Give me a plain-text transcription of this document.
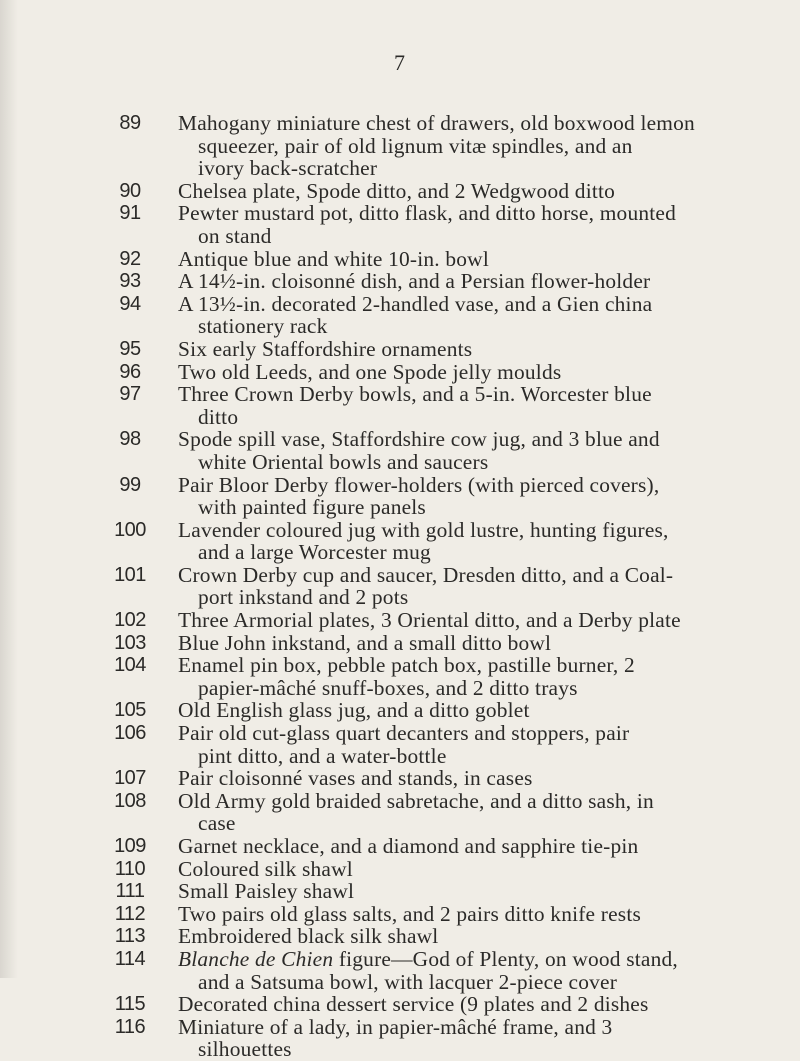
7
89	Mahogany miniature chest of drawers, old boxwood lemon
squeezer, pair of old lignum vitæ spindles, and an
ivory back-scratcher
90	Chelsea plate, Spode ditto, and 2 Wedgwood ditto
91	Pewter mustard pot, ditto flask, and ditto horse, mounted
on stand
92	Antique blue and white 10-in. bowl
93	A 14½-in. cloisonné dish, and a Persian flower-holder
94	A 13½-in. decorated 2-handled vase, and a Gien china
stationery rack
95	Six early Staffordshire ornaments
96	Two old Leeds, and one Spode jelly moulds
97	Three Crown Derby bowls, and a 5-in. Worcester blue
ditto
98	Spode spill vase, Staffordshire cow jug, and 3 blue and
white Oriental bowls and saucers
99	Pair Bloor Derby flower-holders (with pierced covers),
with painted figure panels
100	Lavender coloured jug with gold lustre, hunting figures,
and a large Worcester mug
101	Crown Derby cup and saucer, Dresden ditto, and a Coal-
port inkstand and 2 pots
102	Three Armorial plates, 3 Oriental ditto, and a Derby plate
103	Blue John inkstand, and a small ditto bowl
104	Enamel pin box, pebble patch box, pastille burner, 2
papier-mâché snuff-boxes, and 2 ditto trays
105	Old English glass jug, and a ditto goblet
106	Pair old cut-glass quart decanters and stoppers, pair
pint ditto, and a water-bottle
107	Pair cloisonné vases and stands, in cases
108	Old Army gold braided sabretache, and a ditto sash, in
case
109	Garnet necklace, and a diamond and sapphire tie-pin
110	Coloured silk shawl
111	Small Paisley shawl
112	Two pairs old glass salts, and 2 pairs ditto knife rests
113	Embroidered black silk shawl
114	Blanche de Chien figure—God of Plenty, on wood stand,
and a Satsuma bowl, with lacquer 2-piece cover
115	Decorated china dessert service (9 plates and 2 dishes
116	Miniature of a lady, in papier-mâché frame, and 3
silhouettes
